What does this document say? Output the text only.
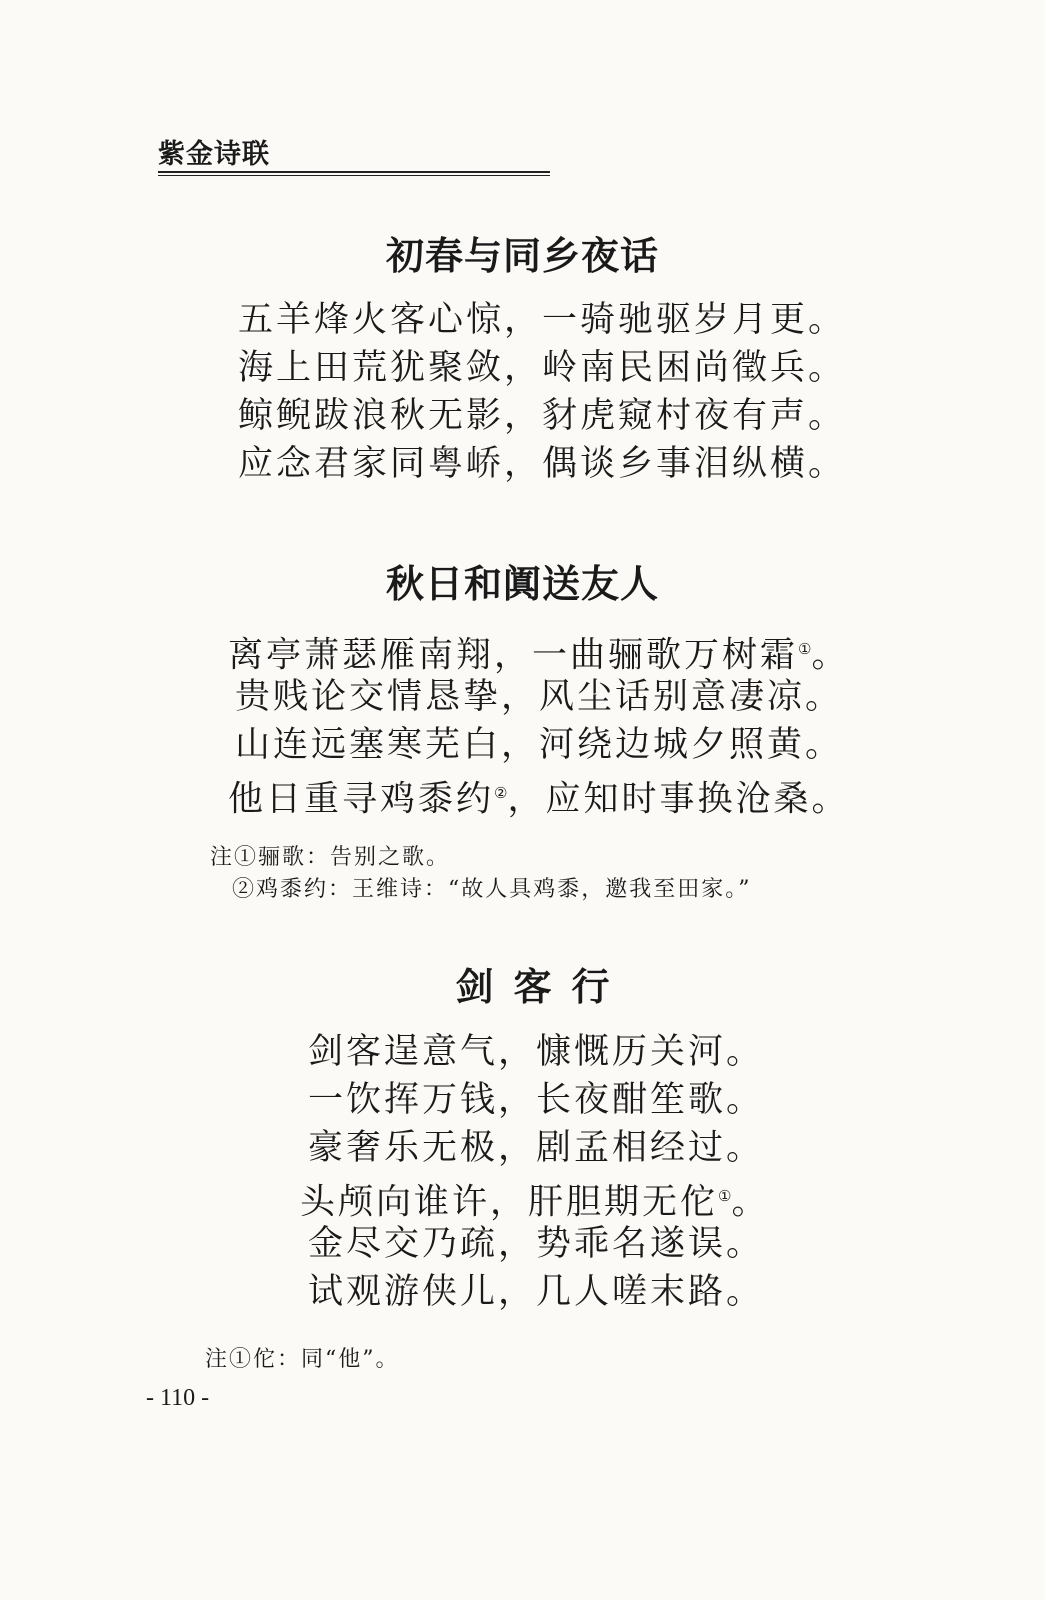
紫金诗联
初春与同乡夜话
五羊烽火客心惊，一骑驰驱岁月更。
海上田荒犹聚敛，岭南民困尚徵兵。
鲸鲵跋浪秋无影，豺虎窥村夜有声。
应念君家同粤峤，偶谈乡事泪纵横。
秋日和阗送友人
离亭萧瑟雁南翔，一曲骊歌万树霜①。
贵贱论交情恳挚，风尘话别意凄凉。
山连远塞寒芜白，河绕边城夕照黄。
他日重寻鸡黍约②，应知时事换沧桑。
注①骊歌：告别之歌。
②鸡黍约：王维诗：“故人具鸡黍，邀我至田家。”
剑客行
剑客逞意气，慷慨历关河。
一饮挥万钱，长夜酣笙歌。
豪奢乐无极，剧孟相经过。
头颅向谁许，肝胆期无佗①。
金尽交乃疏，势乖名遂误。
试观游侠儿，几人嗟末路。
注①佗：同“他”。
- 110 -
